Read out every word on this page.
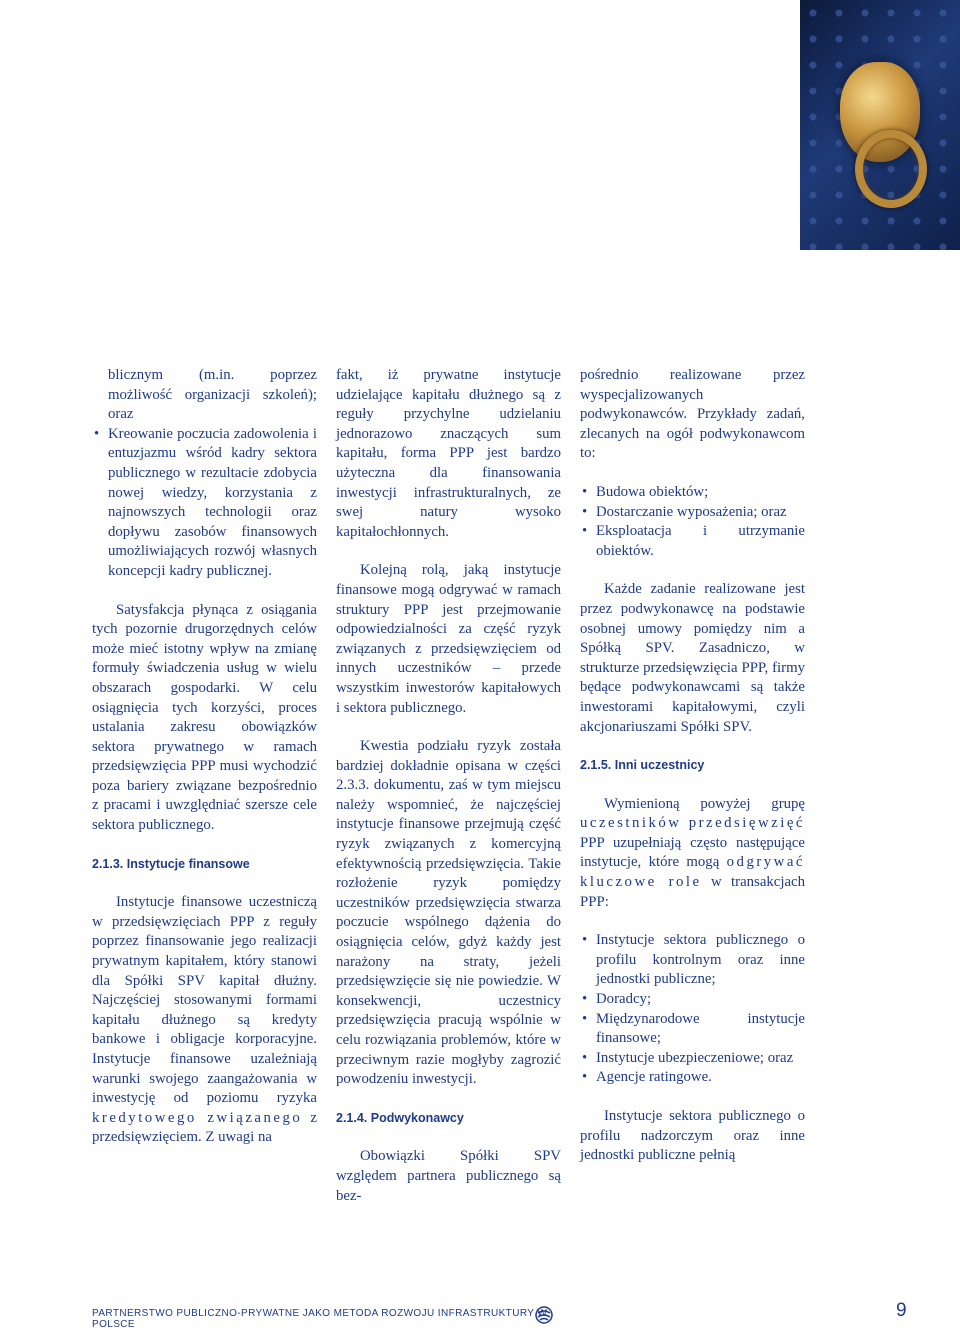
blicznym (m.in. poprzez możliwość organizacji szkoleń); oraz

• Kreowanie poczucia zadowolenia i entuzjazmu wśród kadry sektora publicznego w rezultacie zdobycia nowej wiedzy, korzystania z najnowszych technologii oraz dopływu zasobów finansowych umożliwiających rozwój własnych koncepcji kadry publicznej.

Satysfakcja płynąca z osiągania tych pozornie drugorzędnych celów może mieć istotny wpływ na zmianę formuły świadczenia usług w wielu obszarach gospodarki. W celu osiągnięcia tych korzyści, proces ustalania zakresu obowiązków sektora prywatnego w ramach przedsięwzięcia PPP musi wychodzić poza bariery związane bezpośrednio z pracami i uwzględniać szersze cele sektora publicznego.

2.1.3. Instytucje finansowe

Instytucje finansowe uczestniczą w przedsięwzięciach PPP z reguły poprzez finansowanie jego realizacji prywatnym kapitałem, który stanowi dla Spółki SPV kapitał dłużny. Najczęściej stosowanymi formami kapitału dłużnego są kredyty bankowe i obligacje korporacyjne. Instytucje finansowe uzależniają warunki swojego zaangażowania w inwestycję od poziomu ryzyka kredytowego związanego z przedsięwzięciem. Z uwagi na

fakt, iż prywatne instytucje udzielające kapitału dłużnego są z reguły przychylne udzielaniu jednorazowo znaczących sum kapitału, forma PPP jest bardzo użyteczna dla finansowania inwestycji infrastrukturalnych, ze swej natury wysoko kapitałochłonnych.

Kolejną rolą, jaką instytucje finansowe mogą odgrywać w ramach struktury PPP jest przejmowanie odpowiedzialności za część ryzyk związanych z przedsięwzięciem od innych uczestników – przede wszystkim inwestorów kapitałowych i sektora publicznego.

Kwestia podziału ryzyk została bardziej dokładnie opisana w części 2.3.3. dokumentu, zaś w tym miejscu należy wspomnieć, że najczęściej instytucje finansowe przejmują część ryzyk związanych z komercyjną efektywnością przedsięwzięcia. Takie rozłożenie ryzyk pomiędzy uczestników przedsięwzięcia stwarza poczucie wspólnego dążenia do osiągnięcia celów, gdyż każdy jest narażony na straty, jeżeli przedsięwzięcie się nie powiedzie. W konsekwencji, uczestnicy przedsięwzięcia pracują wspólnie w celu rozwiązania problemów, które w przeciwnym razie mogłyby zagrozić powodzeniu inwestycji.

2.1.4. Podwykonawcy

Obowiązki Spółki SPV względem partnera publicznego są bez-

pośrednio realizowane przez wyspecjalizowanych podwykonawców. Przykłady zadań, zlecanych na ogół podwykonawcom to:

• Budowa obiektów;
• Dostarczanie wyposażenia; oraz
• Eksploatacja i utrzymanie obiektów.

Każde zadanie realizowane jest przez podwykonawcę na podstawie osobnej umowy pomiędzy nim a Spółką SPV. Zasadniczo, w strukturze przedsięwzięcia PPP, firmy będące podwykonawcami są także inwestorami kapitałowymi, czyli akcjonariuszami Spółki SPV.

2.1.5. Inni uczestnicy

Wymienioną powyżej grupę uczestników przedsięwzięć PPP uzupełniają często następujące instytucje, które mogą odgrywać kluczowe role w transakcjach PPP:

• Instytucje sektora publicznego o profilu kontrolnym oraz inne jednostki publiczne;
• Doradcy;
• Międzynarodowe instytucje finansowe;
• Instytucje ubezpieczeniowe; oraz
• Agencje ratingowe.

Instytucje sektora publicznego o profilu nadzorczym oraz inne jednostki publiczne pełnią

PARTNERSTWO PUBLICZNO-PRYWATNE JAKO METODA ROZWOJU INFRASTRUKTURY W POLSCE
9
